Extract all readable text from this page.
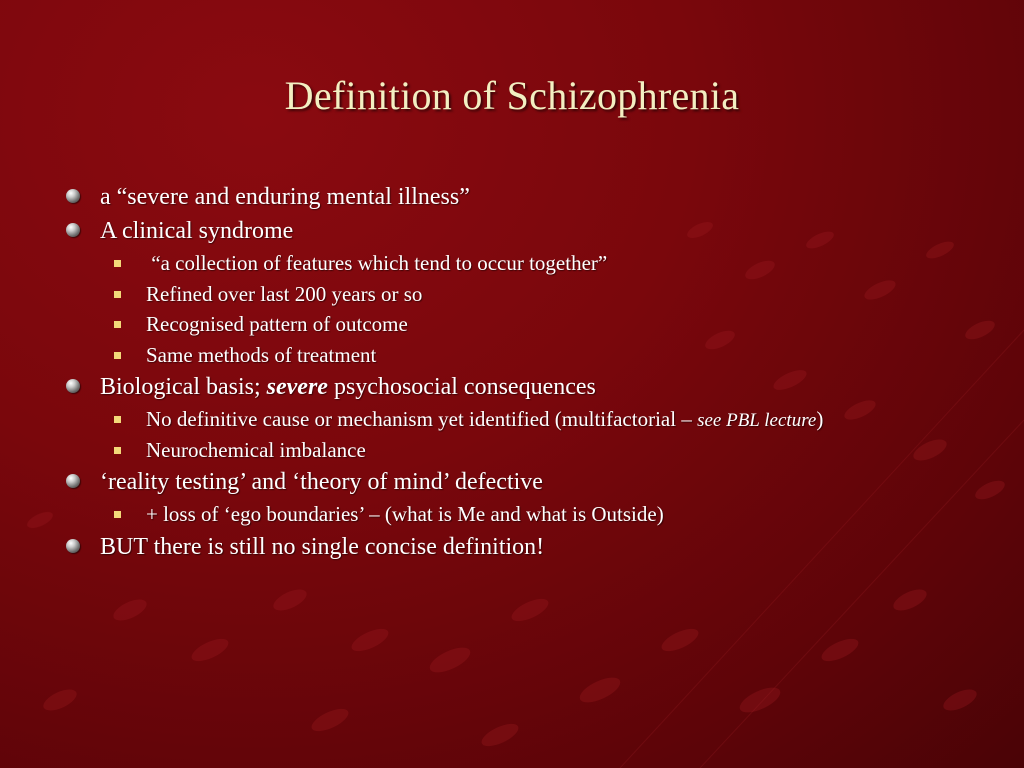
Definition of Schizophrenia
a “severe and enduring mental illness”
A clinical syndrome
“a collection of features which tend to occur together”
Refined over last 200 years or so
Recognised pattern of outcome
Same methods of treatment
Biological basis; severe psychosocial consequences
No definitive cause or mechanism yet identified (multifactorial – see PBL lecture)
Neurochemical imbalance
‘reality testing’ and ‘theory of mind’ defective
+ loss of ‘ego boundaries’ – (what is Me and what is Outside)
BUT there is still no single concise definition!
